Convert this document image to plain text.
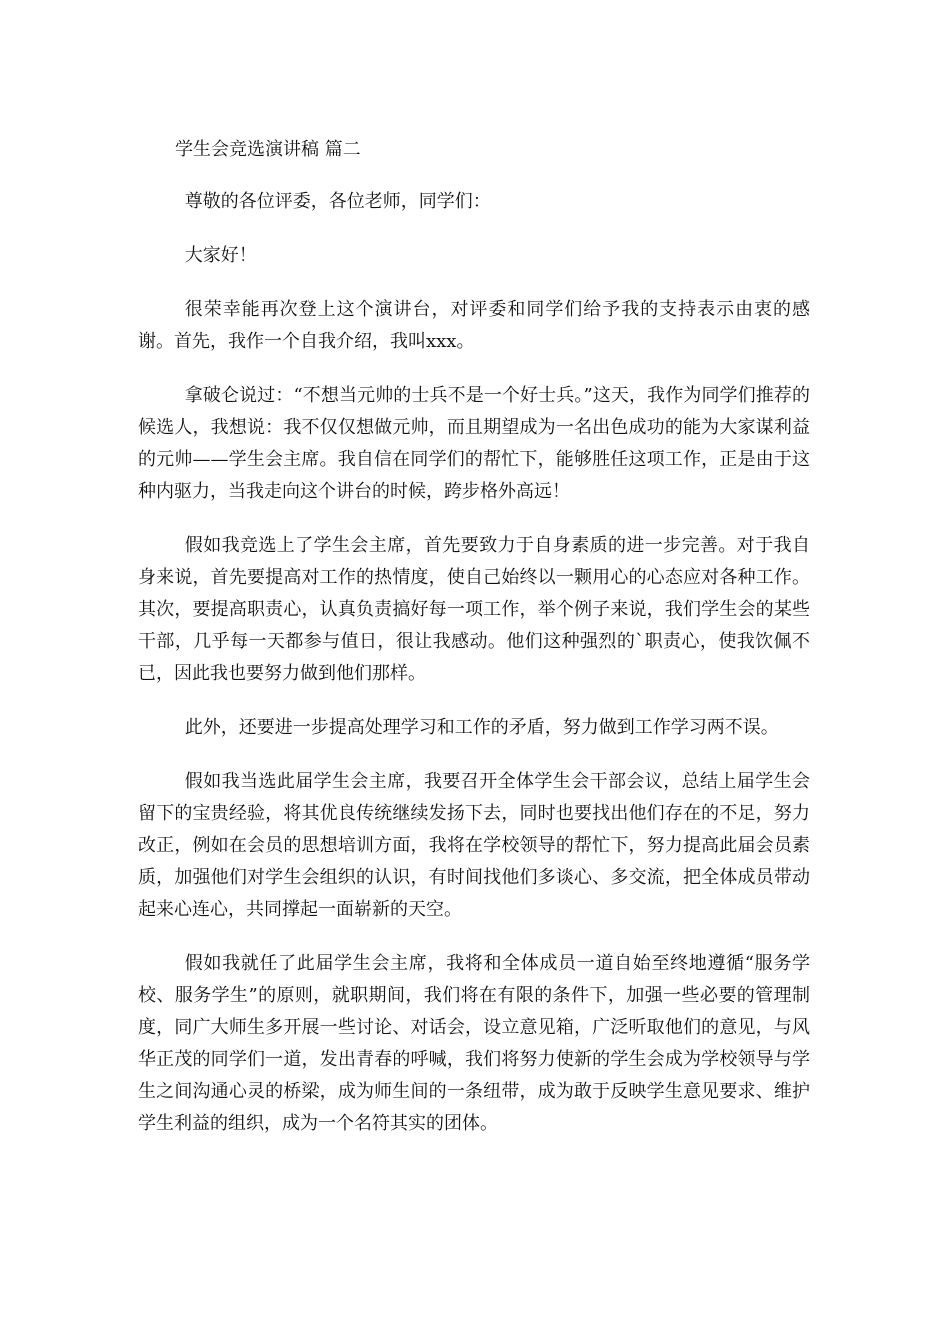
学生会竞选演讲稿 篇二

尊敬的各位评委，各位老师，同学们：

大家好！

很荣幸能再次登上这个演讲台，对评委和同学们给予我的支持表示由衷的感谢。首先，我作一个自我介绍，我叫xxx。

拿破仑说过：“不想当元帅的士兵不是一个好士兵。”这天，我作为同学们推荐的候选人，我想说：我不仅仅想做元帅，而且期望成为一名出色成功的能为大家谋利益的元帅——学生会主席。我自信在同学们的帮忙下，能够胜任这项工作，正是由于这种内驱力，当我走向这个讲台的时候，跨步格外高远！

假如我竞选上了学生会主席，首先要致力于自身素质的进一步完善。对于我自身来说，首先要提高对工作的热情度，使自己始终以一颗用心的心态应对各种工作。其次，要提高职责心，认真负责搞好每一项工作，举个例子来说，我们学生会的某些干部，几乎每一天都参与值日，很让我感动。他们这种强烈的`职责心，使我饮佩不已，因此我也要努力做到他们那样。

此外，还要进一步提高处理学习和工作的矛盾，努力做到工作学习两不误。

假如我当选此届学生会主席，我要召开全体学生会干部会议，总结上届学生会留下的宝贵经验，将其优良传统继续发扬下去，同时也要找出他们存在的不足，努力改正，例如在会员的思想培训方面，我将在学校领导的帮忙下，努力提高此届会员素质，加强他们对学生会组织的认识，有时间找他们多谈心、多交流，把全体成员带动起来心连心，共同撑起一面崭新的天空。

假如我就任了此届学生会主席，我将和全体成员一道自始至终地遵循“服务学校、服务学生”的原则，就职期间，我们将在有限的条件下，加强一些必要的管理制度，同广大师生多开展一些讨论、对话会，设立意见箱，广泛听取他们的意见，与风华正茂的同学们一道，发出青春的呼喊，我们将努力使新的学生会成为学校领导与学生之间沟通心灵的桥梁，成为师生间的一条纽带，成为敢于反映学生意见要求、维护学生利益的组织，成为一个名符其实的团体。
